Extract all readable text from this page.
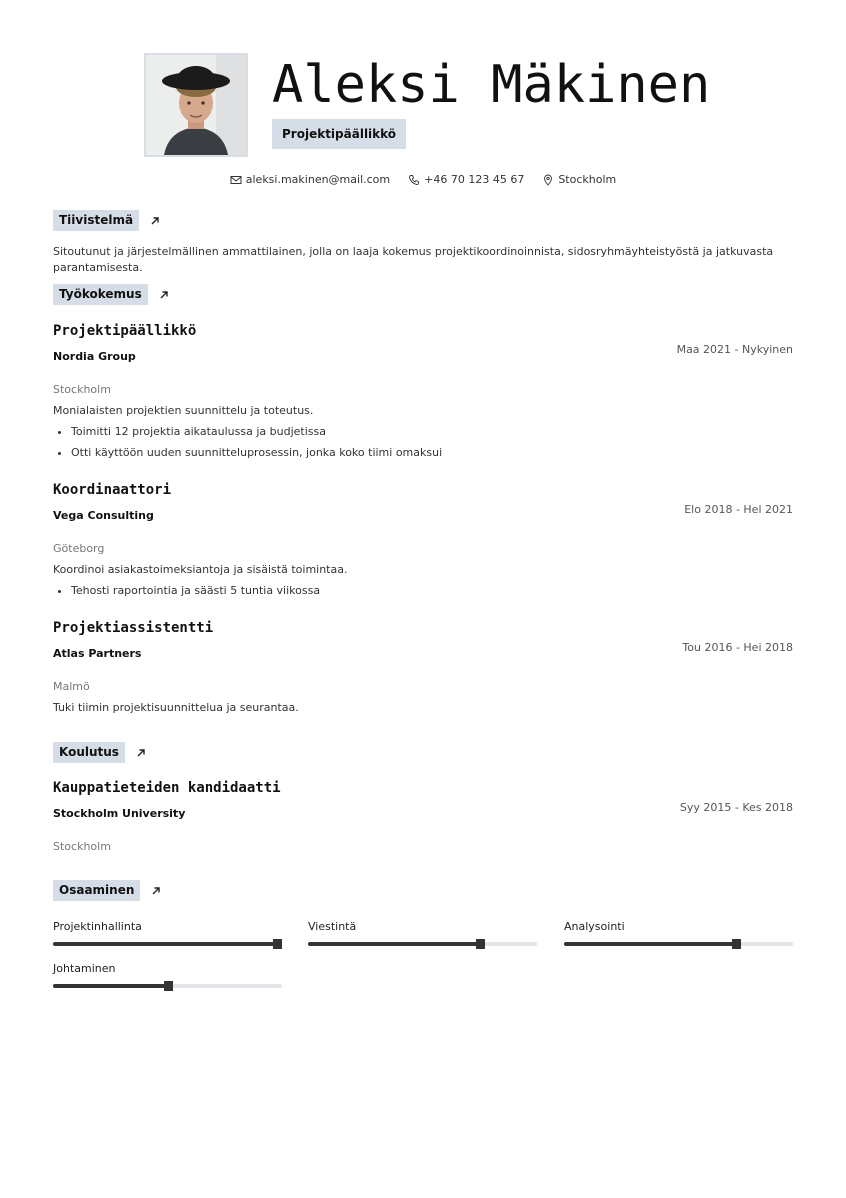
Aleksi Mäkinen
Projektipäällikkö
aleksi.makinen@mail.com	+46 70 123 45 67	Stockholm
Tiivistelmä
Sitoutunut ja järjestelmällinen ammattilainen, jolla on laaja kokemus projektikoordinoinnista, sidosryhmäyhteistyöstä ja jatkuvasta parantamisesta.
Työkokemus
Projektipäällikkö
Maa 2021 - Nykyinen
Nordia Group
Stockholm
Monialaisten projektien suunnittelu ja toteutus.
• Toimitti 12 projektia aikataulussa ja budjetissa
• Otti käyttöön uuden suunnitteluprosessin, jonka koko tiimi omaksui
Koordinaattori
Elo 2018 - Hel 2021
Vega Consulting
Göteborg
Koordinoi asiakastoimeksiantoja ja sisäistä toimintaa.
• Tehosti raportointia ja säästi 5 tuntia viikossa
Projektiassistentti
Tou 2016 - Hei 2018
Atlas Partners
Malmö
Tuki tiimin projektisuunnittelua ja seurantaa.
Koulutus
Kauppatieteiden kandidaatti
Syy 2015 - Kes 2018
Stockholm University
Stockholm
Osaaminen
Projektinhallinta	Viestintä	Analysointi
Johtaminen
